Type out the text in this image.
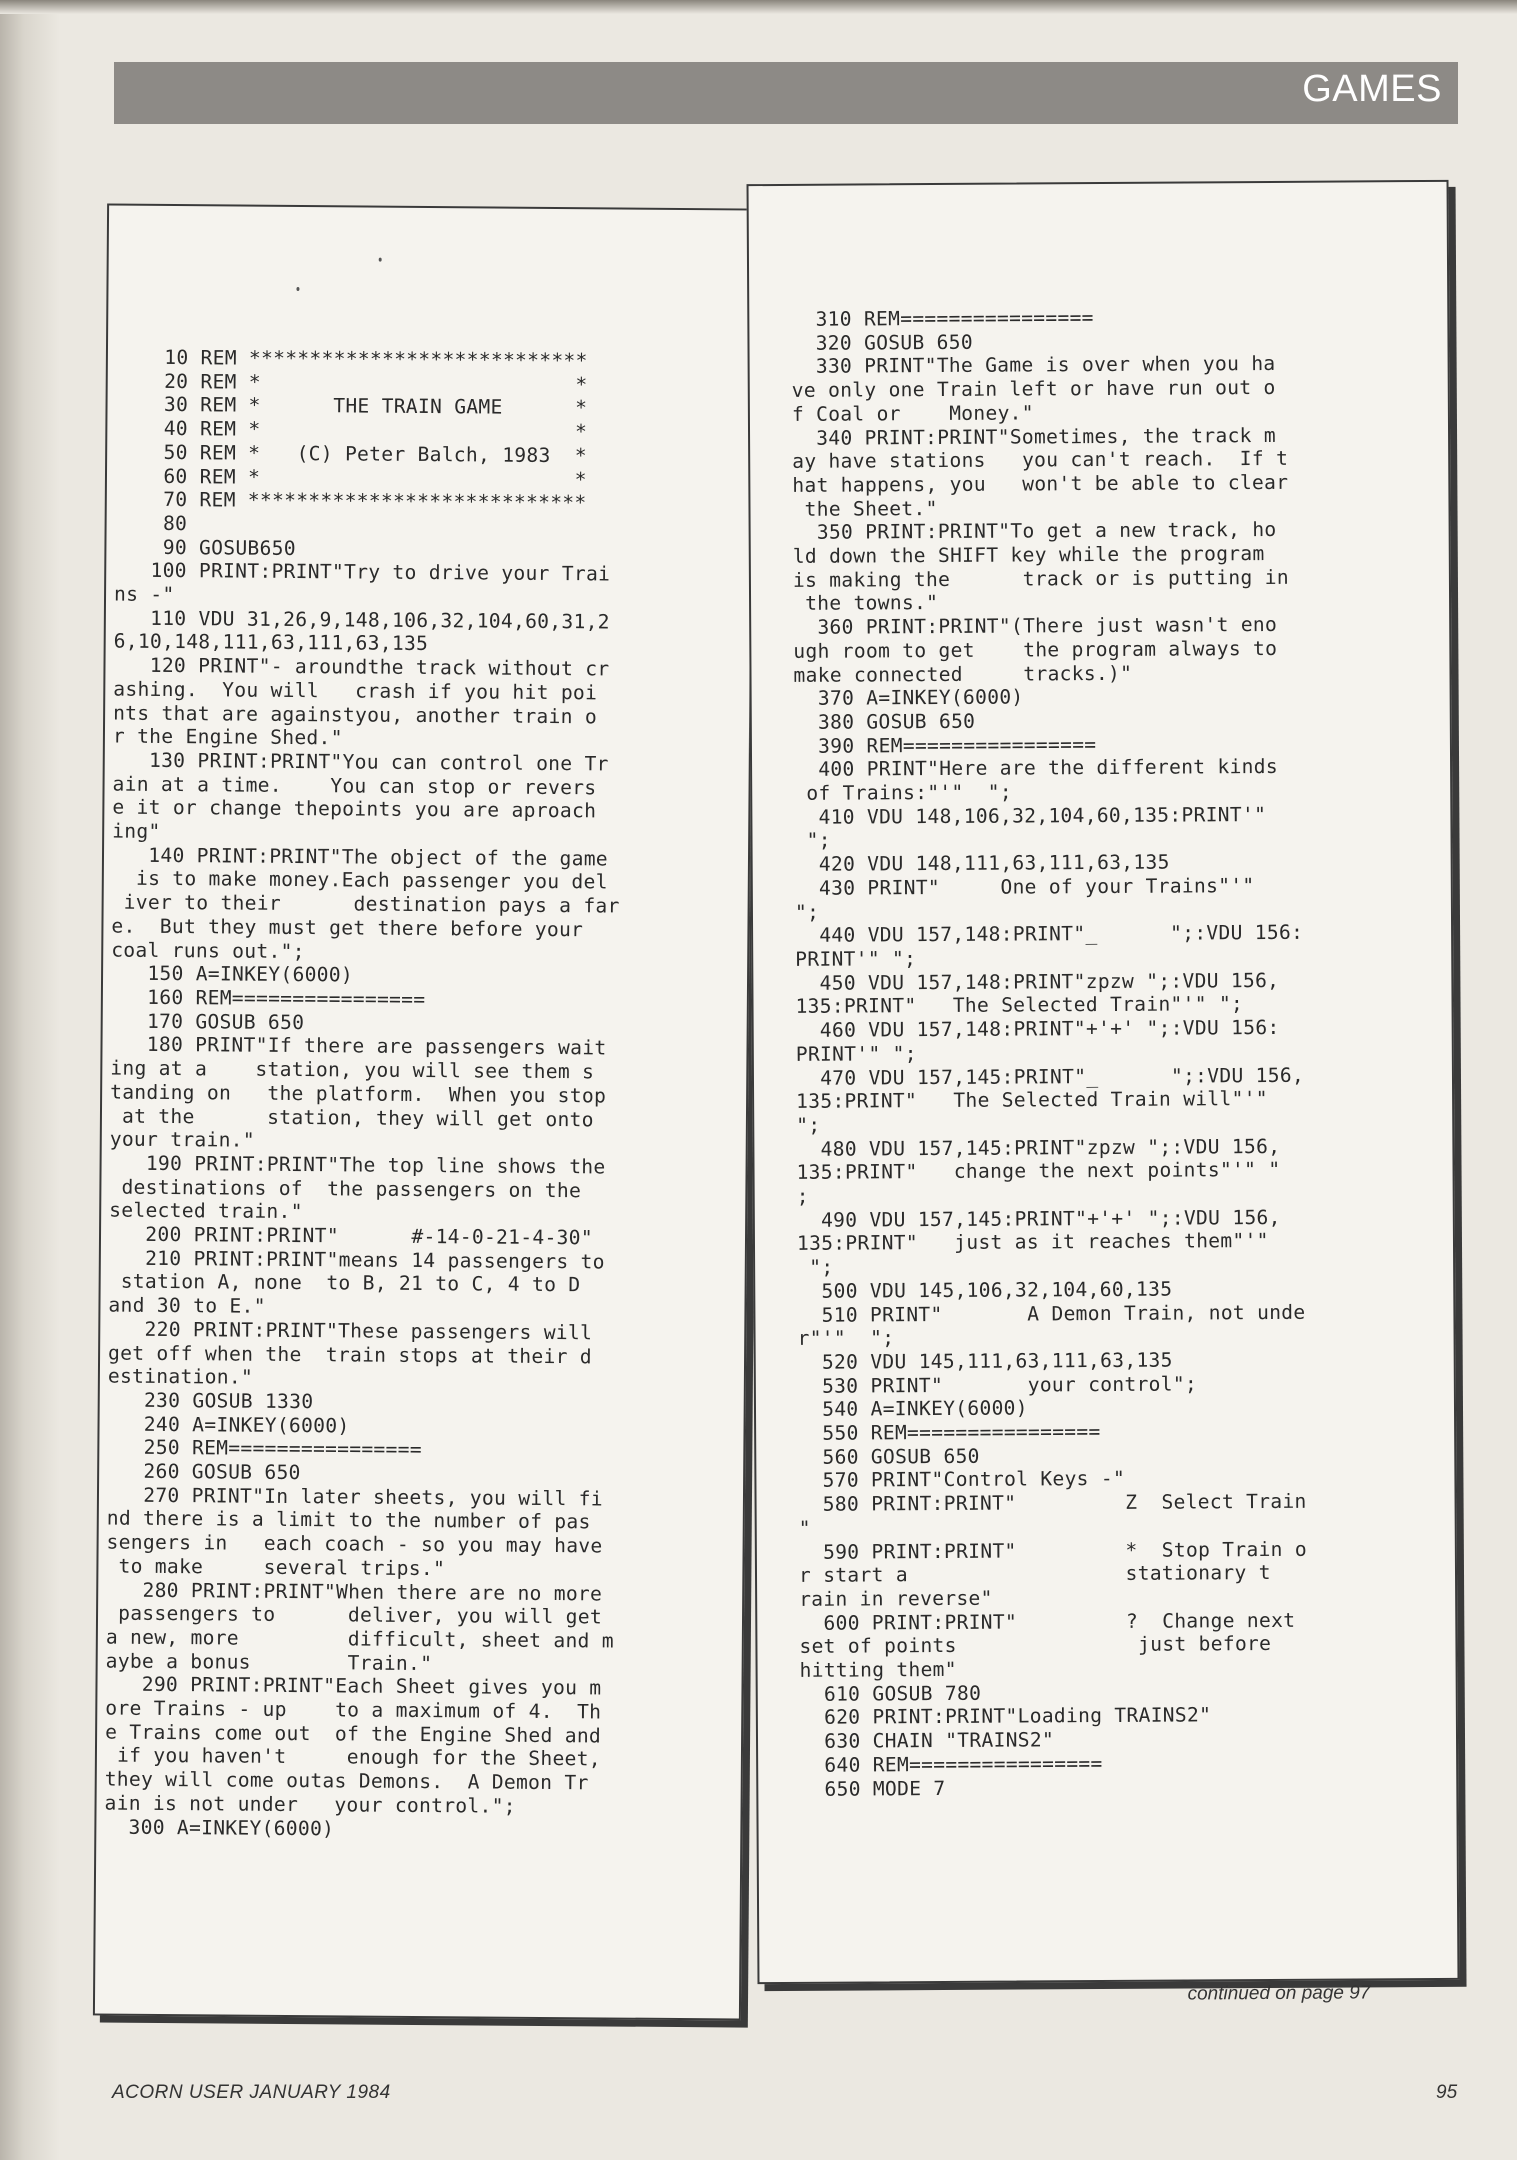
GAMES

10 REM ****************************
20 REM *                          *
30 REM *      THE TRAIN GAME      *
40 REM *                          *
50 REM *   (C) Peter Balch, 1983  *
60 REM *                          *
70 REM ****************************
80
90 GOSUB650
100 PRINT:PRINT"Try to drive your Trai
ns -"
110 VDU 31,26,9,148,106,32,104,60,31,2
6,10,148,111,63,111,63,135
120 PRINT"- aroundthe track without cr
ashing.  You will   crash if you hit poi
nts that are againstyou, another train o
r the Engine Shed."
130 PRINT:PRINT"You can control one Tr
ain at a time.    You can stop or revers
e it or change thepoints you are aproach
ing"
140 PRINT:PRINT"The object of the game
is to make money.Each passenger you del
iver to their      destination pays a far
e.  But they must get there before your
coal runs out.";
150 A=INKEY(6000)
160 REM================
170 GOSUB 650
180 PRINT"If there are passengers wait
ing at a    station, you will see them s
tanding on   the platform.  When you stop
at the      station, they will get onto
your train."
190 PRINT:PRINT"The top line shows the
destinations of  the passengers on the
selected train."
200 PRINT:PRINT"      #-14-0-21-4-30"
210 PRINT:PRINT"means 14 passengers to
station A, none  to B, 21 to C, 4 to D
and 30 to E."
220 PRINT:PRINT"These passengers will
get off when the  train stops at their d
estination."
230 GOSUB 1330
240 A=INKEY(6000)
250 REM================
260 GOSUB 650
270 PRINT"In later sheets, you will fi
nd there is a limit to the number of pas
sengers in   each coach - so you may have
to make     several trips."
280 PRINT:PRINT"When there are no more
passengers to      deliver, you will get
a new, more         difficult, sheet and m
aybe a bonus        Train."
290 PRINT:PRINT"Each Sheet gives you m
ore Trains - up    to a maximum of 4.  Th
e Trains come out  of the Engine Shed and
if you haven't     enough for the Sheet,
they will come outas Demons.  A Demon Tr
ain is not under   your control.";
300 A=INKEY(6000)

310 REM================
320 GOSUB 650
330 PRINT"The Game is over when you ha
ve only one Train left or have run out o
f Coal or    Money."
340 PRINT:PRINT"Sometimes, the track m
ay have stations   you can't reach.  If t
hat happens, you   won't be able to clear
the Sheet."
350 PRINT:PRINT"To get a new track, ho
ld down the SHIFT key while the program
is making the      track or is putting in
the towns."
360 PRINT:PRINT"(There just wasn't eno
ugh room to get    the program always to
make connected     tracks.)"
370 A=INKEY(6000)
380 GOSUB 650
390 REM================
400 PRINT"Here are the different kinds
of Trains:"'"  ";
410 VDU 148,106,32,104,60,135:PRINT'"
";
420 VDU 148,111,63,111,63,135
430 PRINT"     One of your Trains"'"
";
440 VDU 157,148:PRINT"_      ";:VDU 156:
PRINT'" ";
450 VDU 157,148:PRINT"zpzw ";:VDU 156,
135:PRINT"   The Selected Train"'" ";
460 VDU 157,148:PRINT"+'+' ";:VDU 156:
PRINT'" ";
470 VDU 157,145:PRINT"_      ";:VDU 156,
135:PRINT"   The Selected Train will"'"
";
480 VDU 157,145:PRINT"zpzw ";:VDU 156,
135:PRINT"   change the next points"'" "
;
490 VDU 157,145:PRINT"+'+' ";:VDU 156,
135:PRINT"   just as it reaches them"'"
";
500 VDU 145,106,32,104,60,135
510 PRINT"       A Demon Train, not unde
r"'"  ";
520 VDU 145,111,63,111,63,135
530 PRINT"       your control";
540 A=INKEY(6000)
550 REM================
560 GOSUB 650
570 PRINT"Control Keys -"
580 PRINT:PRINT"         Z  Select Train
"
590 PRINT:PRINT"         *  Stop Train o
r start a                  stationary t
rain in reverse"
600 PRINT:PRINT"         ?  Change next
set of points               just before
hitting them"
610 GOSUB 780
620 PRINT:PRINT"Loading TRAINS2"
630 CHAIN "TRAINS2"
640 REM================
650 MODE 7

continued on page 97
ACORN USER JANUARY 1984	95
